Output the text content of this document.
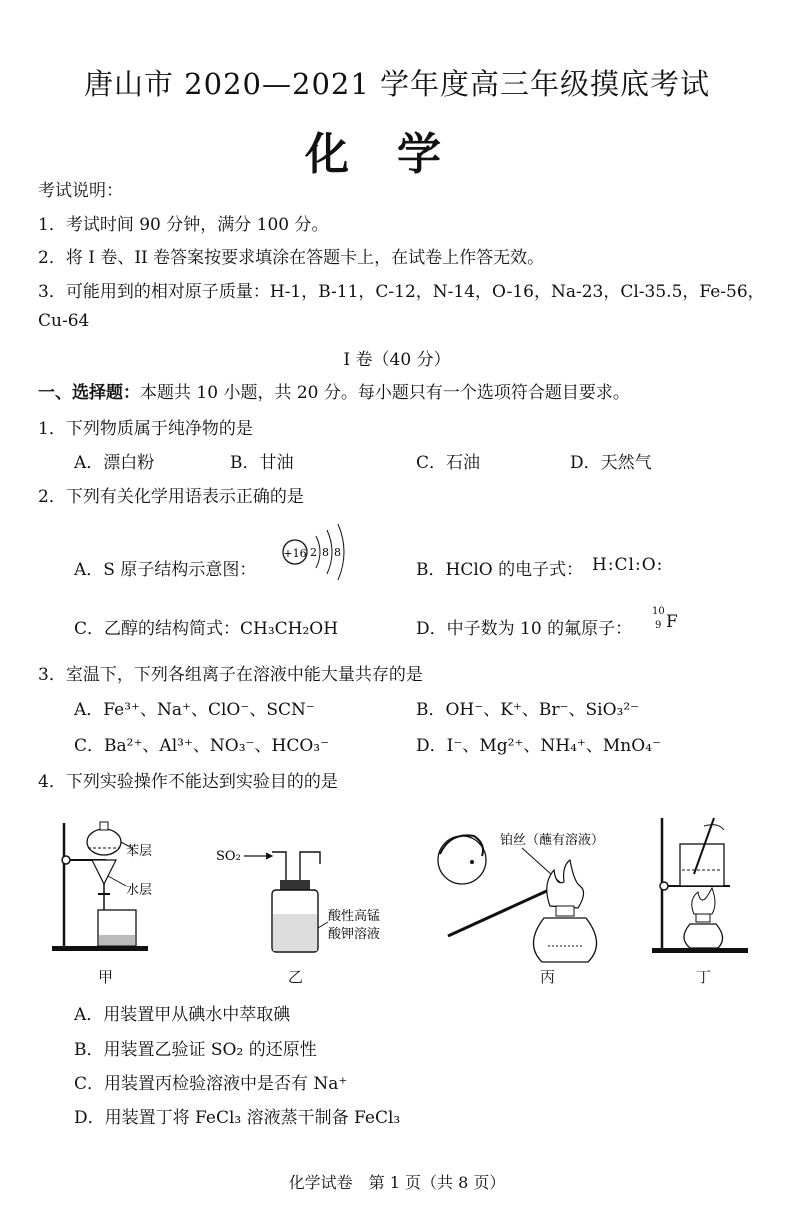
唐山市 2020—2021 学年度高三年级摸底考试
化学
考试说明：
1．考试时间 90 分钟，满分 100 分。
2．将 I 卷、II 卷答案按要求填涂在答题卡上，在试卷上作答无效。
3．可能用到的相对原子质量：H-1，B-11，C-12，N-14，O-16，Na-23，Cl-35.5，Fe-56，
Cu-64
I 卷（40 分）
一、选择题：本题共 10 小题，共 20 分。每小题只有一个选项符合题目要求。
1．下列物质属于纯净物的是
A．漂白粉	B．甘油	C．石油	D．天然气
2．下列有关化学用语表示正确的是
A．S 原子结构示意图：
+16 2 8 8
B．HClO 的电子式： H:Cl:O:
C．乙醇的结构简式：CH₃CH₂OH	D．中子数为 10 的氟原子：
10
9 F
3．室温下，下列各组离子在溶液中能大量共存的是
A．Fe³⁺、Na⁺、ClO⁻、SCN⁻	B．OH⁻、K⁺、Br⁻、SiO₃²⁻
C．Ba²⁺、Al³⁺、NO₃⁻、HCO₃⁻	D．I⁻、Mg²⁺、NH₄⁺、MnO₄⁻
4．下列实验操作不能达到实验目的的是
苯层
水层
甲
SO₂
酸性高锰
酸钾溶液
乙
铂丝（蘸有溶液）
丙	丁
A．用装置甲从碘水中萃取碘
B．用装置乙验证 SO₂ 的还原性
C．用装置丙检验溶液中是否有 Na⁺
D．用装置丁将 FeCl₃ 溶液蒸干制备 FeCl₃
化学试卷　第 1 页（共 8 页）
